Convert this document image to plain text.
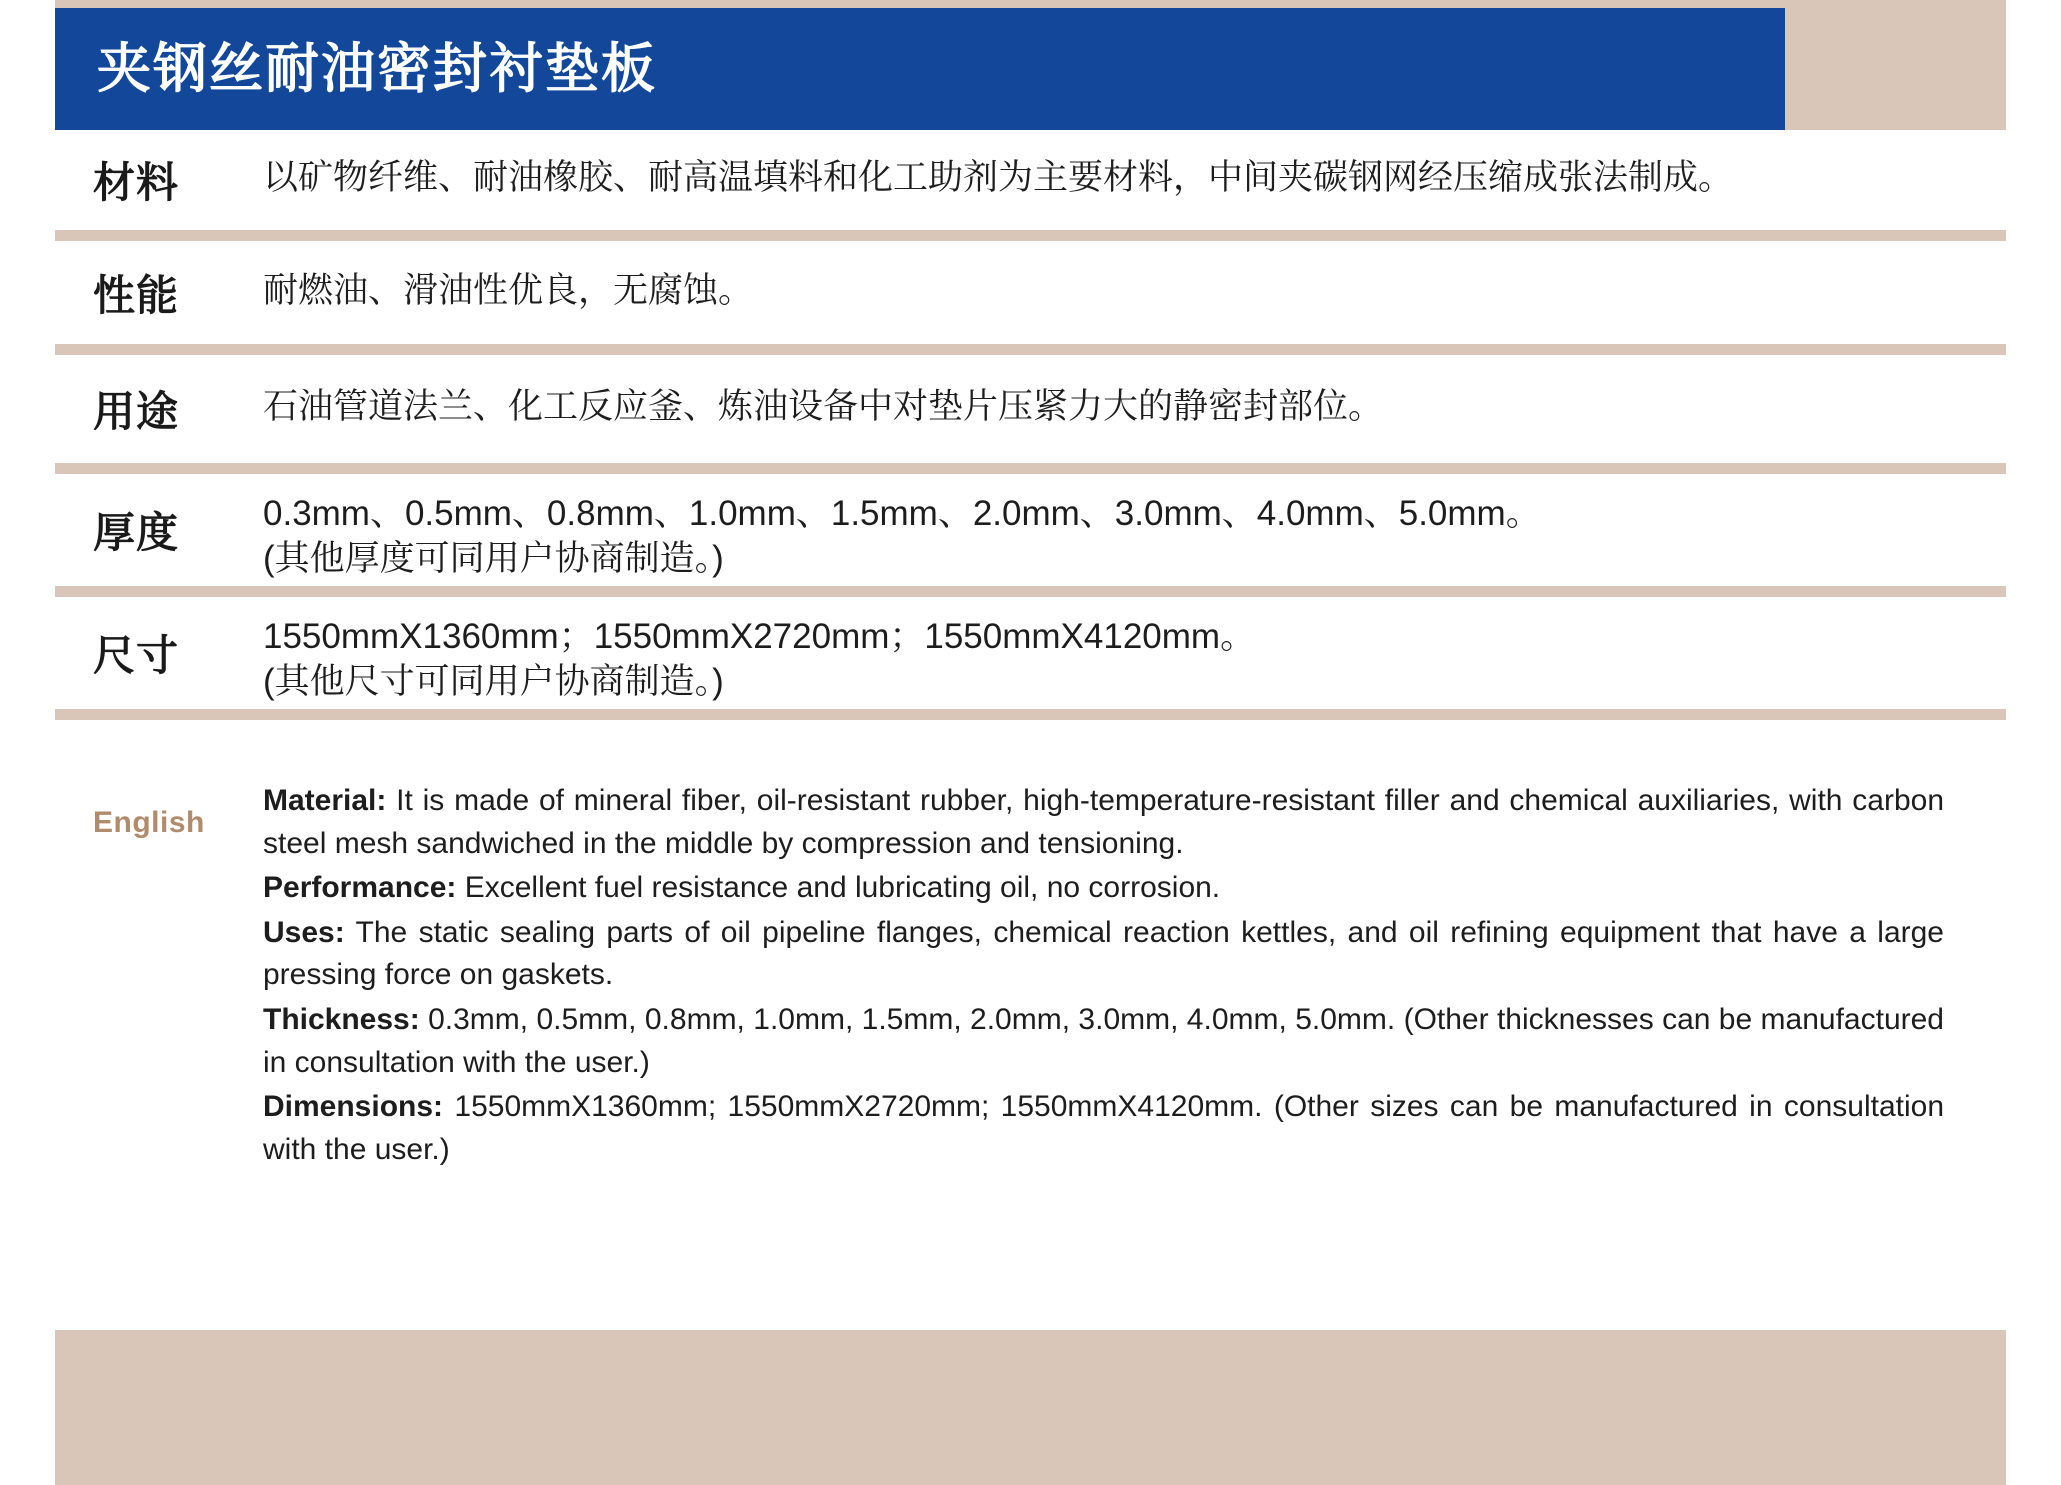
夹钢丝耐油密封衬垫板
材料	以矿物纤维、耐油橡胶、耐高温填料和化工助剂为主要材料，中间夹碳钢网经压缩成张法制成。
性能	耐燃油、滑油性优良，无腐蚀。
用途	石油管道法兰、化工反应釜、炼油设备中对垫片压紧力大的静密封部位。
厚度	0.3mm、0.5mm、0.8mm、1.0mm、1.5mm、2.0mm、3.0mm、4.0mm、5.0mm。
(其他厚度可同用户协商制造。)
尺寸	1550mmX1360mm；1550mmX2720mm；1550mmX4120mm。
(其他尺寸可同用户协商制造。)
English

Material: It is made of mineral fiber, oil-resistant rubber, high-temperature-resistant filler and chemical auxiliaries, with carbon steel mesh sandwiched in the middle by compression and tensioning.

Performance: Excellent fuel resistance and lubricating oil, no corrosion.

Uses: The static sealing parts of oil pipeline flanges, chemical reaction kettles, and oil refining equipment that have a large pressing force on gaskets.

Thickness: 0.3mm, 0.5mm, 0.8mm, 1.0mm, 1.5mm, 2.0mm, 3.0mm, 4.0mm, 5.0mm. (Other thicknesses can be manufactured in consultation with the user.)

Dimensions: 1550mmX1360mm; 1550mmX2720mm; 1550mmX4120mm. (Other sizes can be manufactured in consultation with the user.)
